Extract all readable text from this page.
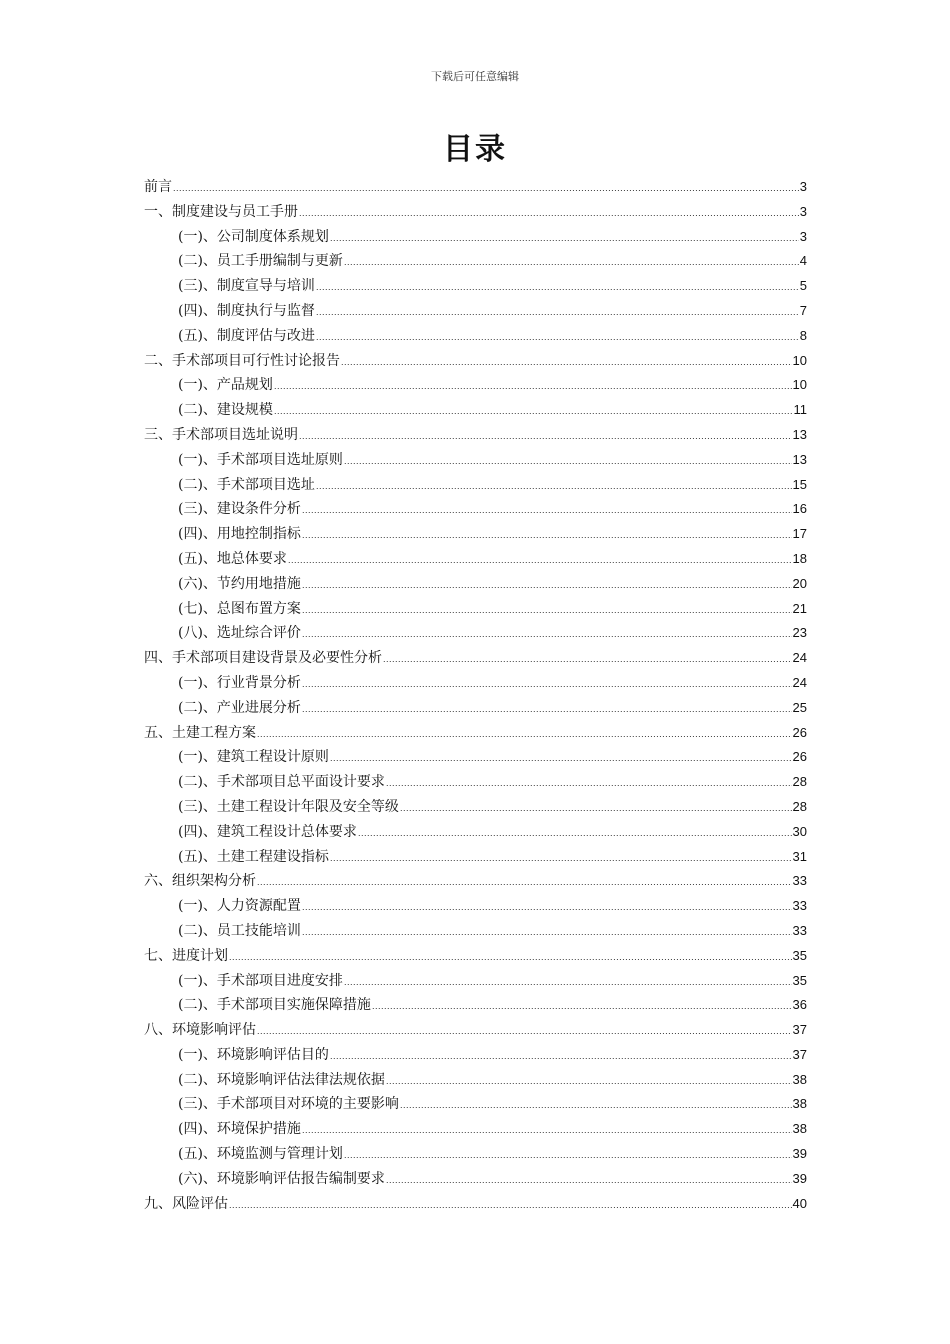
下载后可任意编辑
目录
前言 .....	3
一、制度建设与员工手册 .....	3
(一)、公司制度体系规划 .....	3
(二)、员工手册编制与更新 .....	4
(三)、制度宣导与培训 .....	5
(四)、制度执行与监督 .....	7
(五)、制度评估与改进 .....	8
二、手术部项目可行性讨论报告 .....	10
(一)、产品规划 .....	10
(二)、建设规模 .....	11
三、手术部项目选址说明 .....	13
(一)、手术部项目选址原则 .....	13
(二)、手术部项目选址 .....	15
(三)、建设条件分析 .....	16
(四)、用地控制指标 .....	17
(五)、地总体要求 .....	18
(六)、节约用地措施 .....	20
(七)、总图布置方案 .....	21
(八)、选址综合评价 .....	23
四、手术部项目建设背景及必要性分析 .....	24
(一)、行业背景分析 .....	24
(二)、产业进展分析 .....	25
五、土建工程方案 .....	26
(一)、建筑工程设计原则 .....	26
(二)、手术部项目总平面设计要求 .....	28
(三)、土建工程设计年限及安全等级 .....	28
(四)、建筑工程设计总体要求 .....	30
(五)、土建工程建设指标 .....	31
六、组织架构分析 .....	33
(一)、人力资源配置 .....	33
(二)、员工技能培训 .....	33
七、进度计划 .....	35
(一)、手术部项目进度安排 .....	35
(二)、手术部项目实施保障措施 .....	36
八、环境影响评估 .....	37
(一)、环境影响评估目的 .....	37
(二)、环境影响评估法律法规依据 .....	38
(三)、手术部项目对环境的主要影响 .....	38
(四)、环境保护措施 .....	38
(五)、环境监测与管理计划 .....	39
(六)、环境影响评估报告编制要求 .....	39
九、风险评估 .....	40
